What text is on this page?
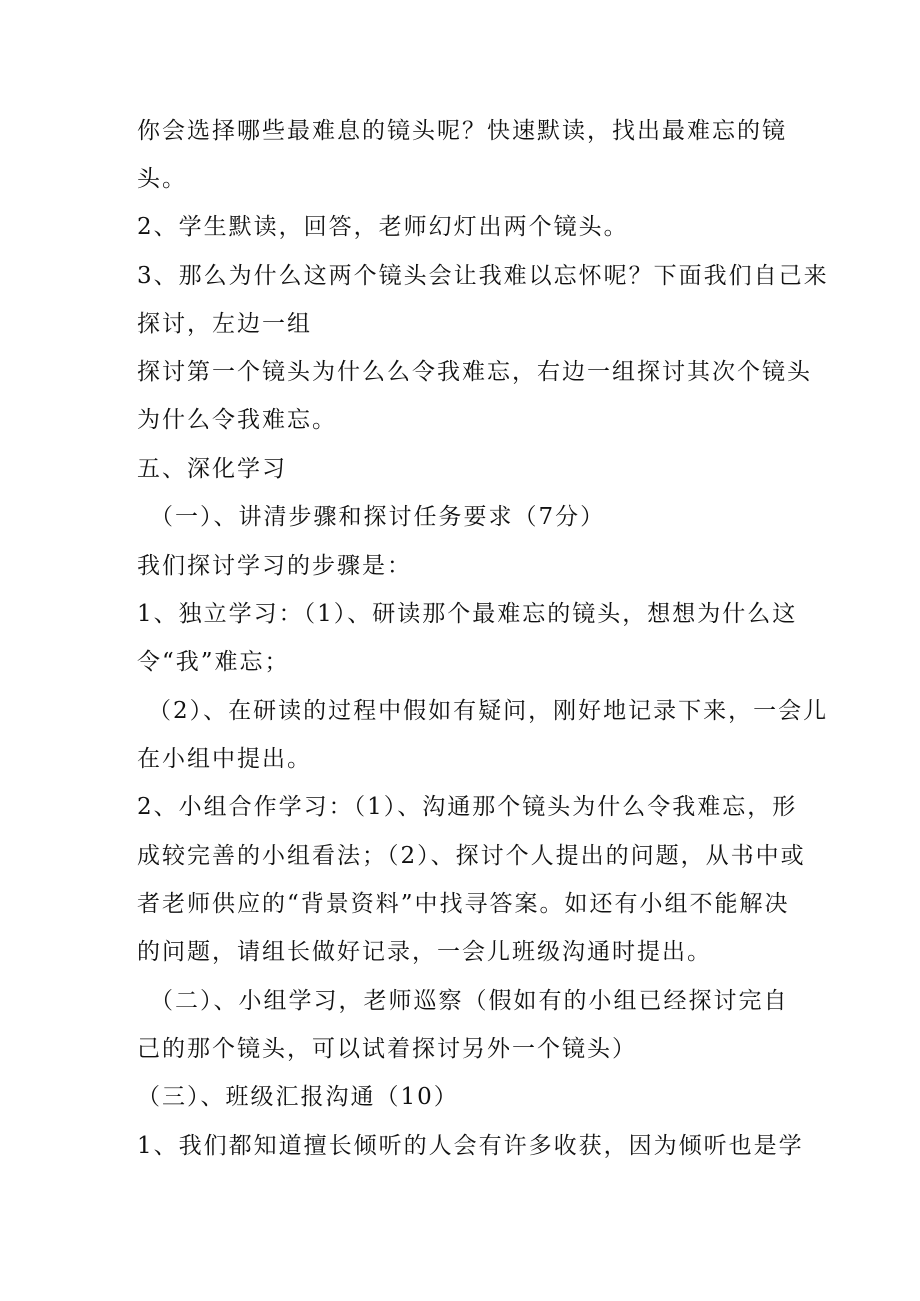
你会选择哪些最难息的镜头呢？快速默读，找出最难忘的镜
头。
2、学生默读，回答，老师幻灯出两个镜头。
3、那么为什么这两个镜头会让我难以忘怀呢？下面我们自己来
探讨，左边一组
探讨第一个镜头为什么么令我难忘，右边一组探讨其次个镜头
为什么令我难忘。
五、深化学习
（一）、讲清步骤和探讨任务要求（7分）
我们探讨学习的步骤是：
1、独立学习：（1）、研读那个最难忘的镜头，想想为什么这
令“我”难忘；
（2）、在研读的过程中假如有疑问，刚好地记录下来，一会儿
在小组中提出。
2、小组合作学习：（1）、沟通那个镜头为什么令我难忘，形
成较完善的小组看法；（2）、探讨个人提出的问题，从书中或
者老师供应的“背景资料”中找寻答案。如还有小组不能解决
的问题，请组长做好记录，一会儿班级沟通时提出。
（二）、小组学习，老师巡察（假如有的小组已经探讨完自
己的那个镜头，可以试着探讨另外一个镜头）
（三）、班级汇报沟通（10）
1、我们都知道擅长倾听的人会有许多收获，因为倾听也是学
